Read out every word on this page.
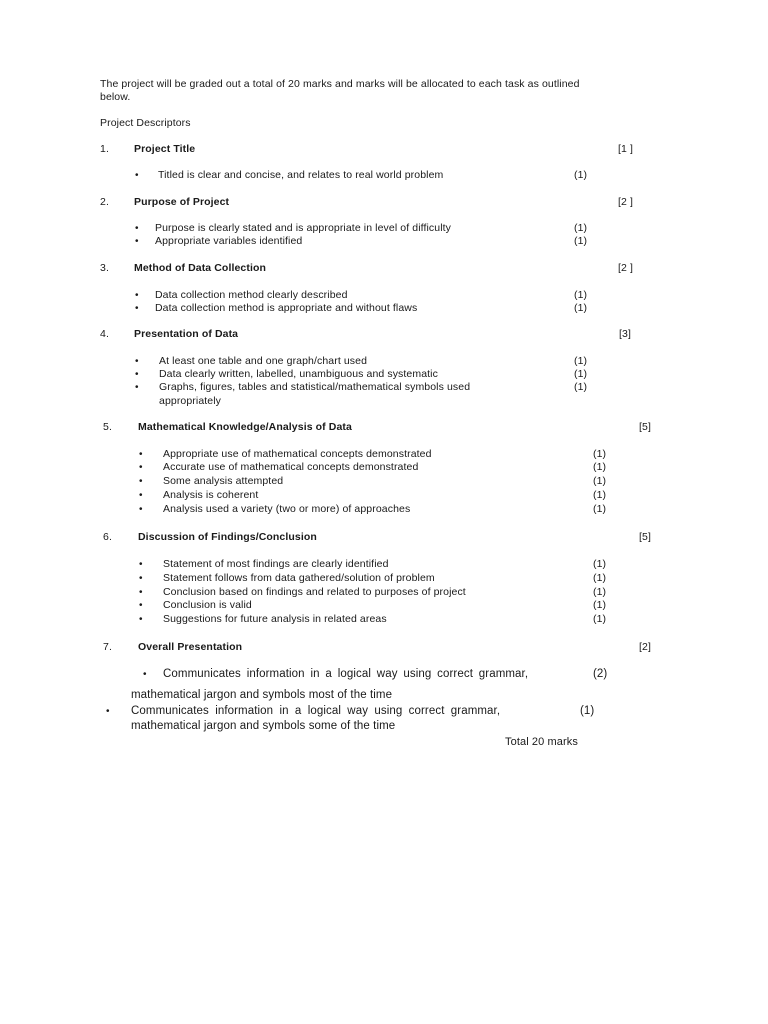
The project will be graded out a total of 20 marks and marks will be allocated to each task as outlined
below.
Project Descriptors
1. Project Title	[1 ]
• Titled is clear and concise, and relates to real world problem	(1)
2. Purpose of Project	[2 ]
• Purpose is clearly stated and is appropriate in level of difficulty	(1)
• Appropriate variables identified	(1)
3. Method of Data Collection	[2 ]
• Data collection method clearly described	(1)
• Data collection method is appropriate and without flaws	(1)
4. Presentation of Data	[3]
• At least one table and one graph/chart used	(1)
• Data clearly written, labelled, unambiguous and systematic	(1)
• Graphs, figures, tables and statistical/mathematical symbols used	(1)
appropriately
5. Mathematical Knowledge/Analysis of Data	[5]
• Appropriate use of mathematical concepts demonstrated	(1)
• Accurate use of mathematical concepts demonstrated	(1)
• Some analysis attempted	(1)
• Analysis is coherent	(1)
• Analysis used a variety (two or more) of approaches	(1)
6. Discussion of Findings/Conclusion	[5]
• Statement of most findings are clearly identified	(1)
• Statement follows from data gathered/solution of problem	(1)
• Conclusion based on findings and related to purposes of project	(1)
• Conclusion is valid	(1)
• Suggestions for future analysis in related areas	(1)
7. Overall Presentation	[2]
• Communicates information in a logical way using correct grammar,	(2)
mathematical jargon and symbols most of the time
• Communicates information in a logical way using correct grammar,	(1)
mathematical jargon and symbols some of the time
Total 20 marks
